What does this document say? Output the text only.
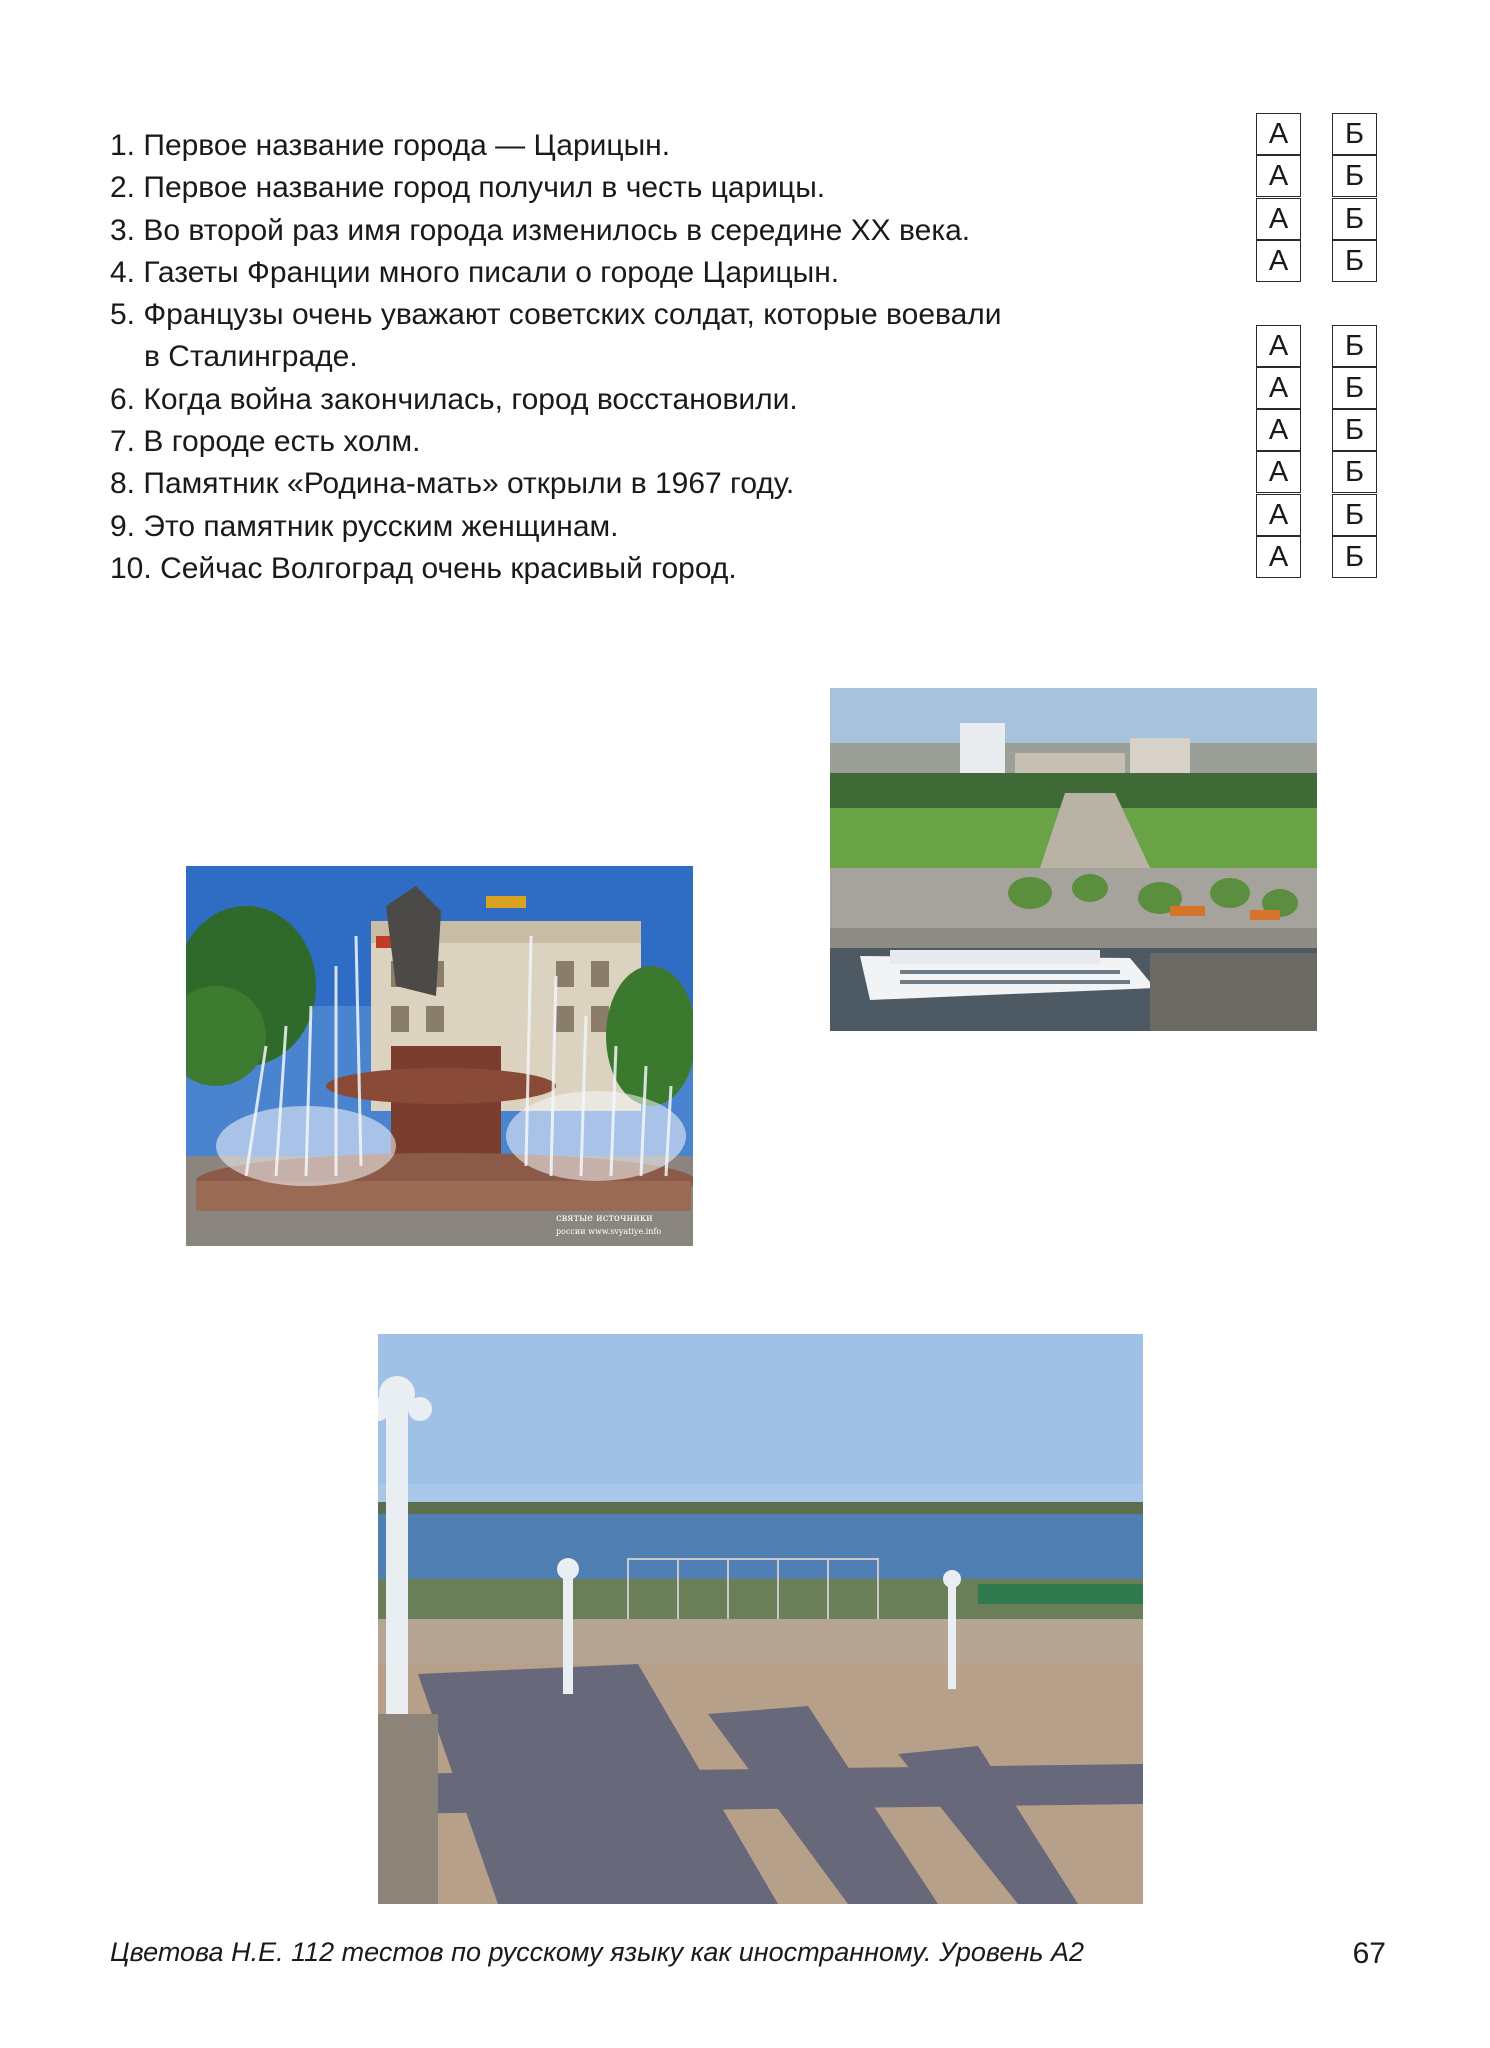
1. Первое название города — Царицын.
2. Первое название город получил в честь царицы.
3. Во второй раз имя города изменилось в середине XX века.
4. Газеты Франции много писали о городе Царицын.
5. Французы очень уважают советских солдат, которые воевали
в Сталинграде.
6. Когда война закончилась, город восстановили.
7. В городе есть холм.
8. Памятник «Родина-мать» открыли в 1967 году.
9. Это памятник русским женщинам.
10. Сейчас Волгоград очень красивый город.
А	Б
А	Б
А	Б
А	Б
А	Б
А	Б
А	Б
А	Б
А	Б
А	Б
святые источники
россии www.svyatiye.info
Цветова Н.Е. 112 тестов по русскому языку как иностранному. Уровень А2	67
